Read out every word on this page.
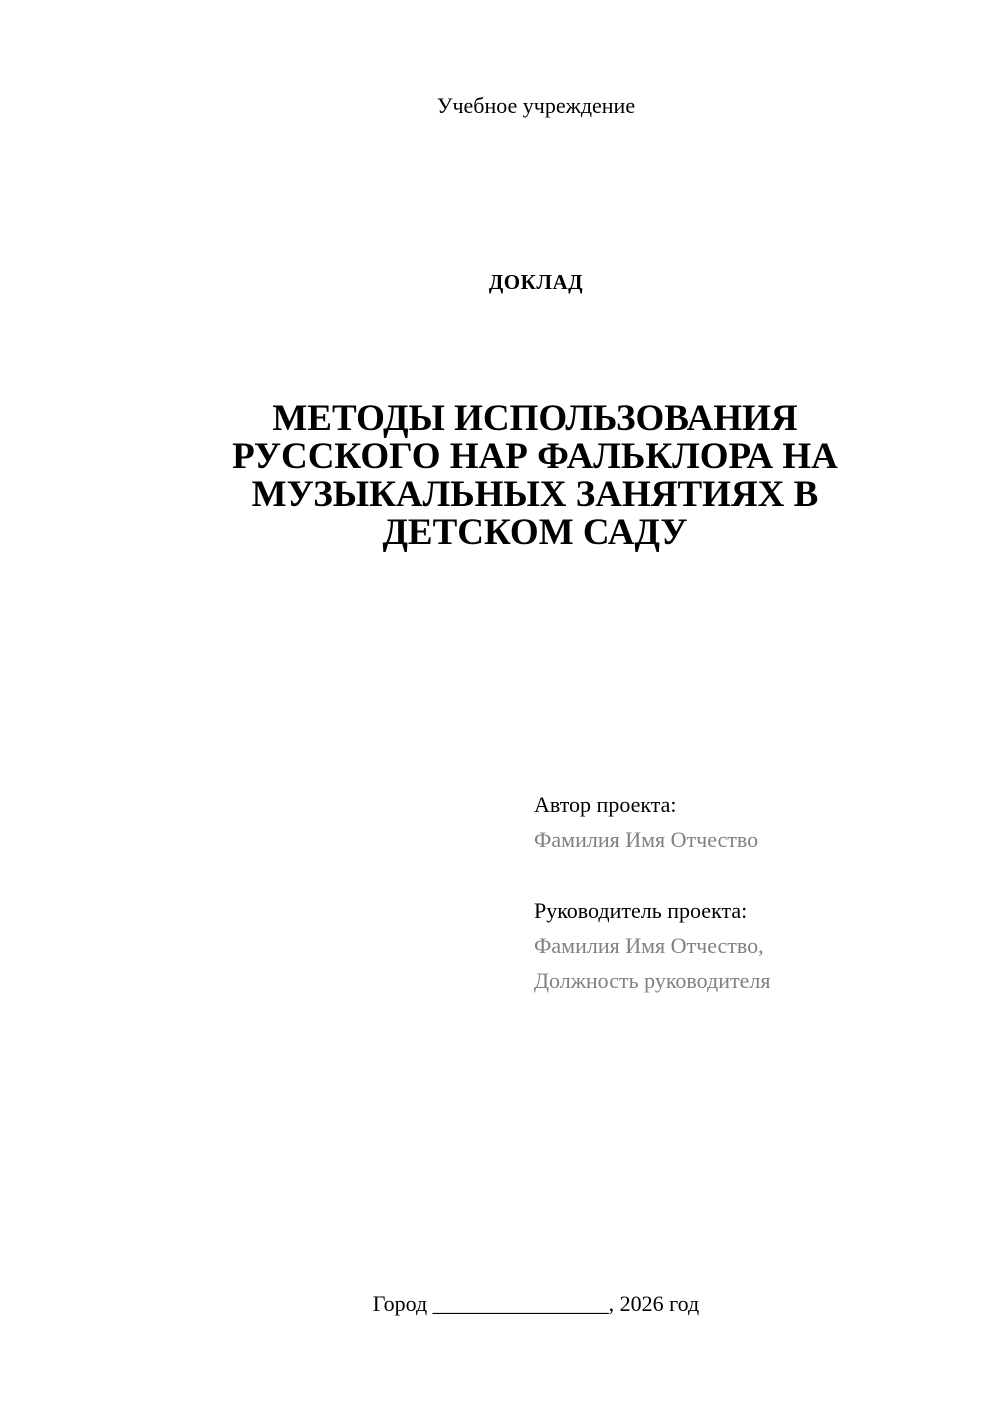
Учебное учреждение
ДОКЛАД
МЕТОДЫ ИСПОЛЬЗОВАНИЯ РУССКОГО НАР ФАЛЬКЛОРА НА МУЗЫКАЛЬНЫХ ЗАНЯТИЯХ В ДЕТСКОМ САДУ
Автор проекта:
Фамилия Имя Отчество
Руководитель проекта:
Фамилия Имя Отчество,
Должность руководителя
Город ________________, 2026 год
